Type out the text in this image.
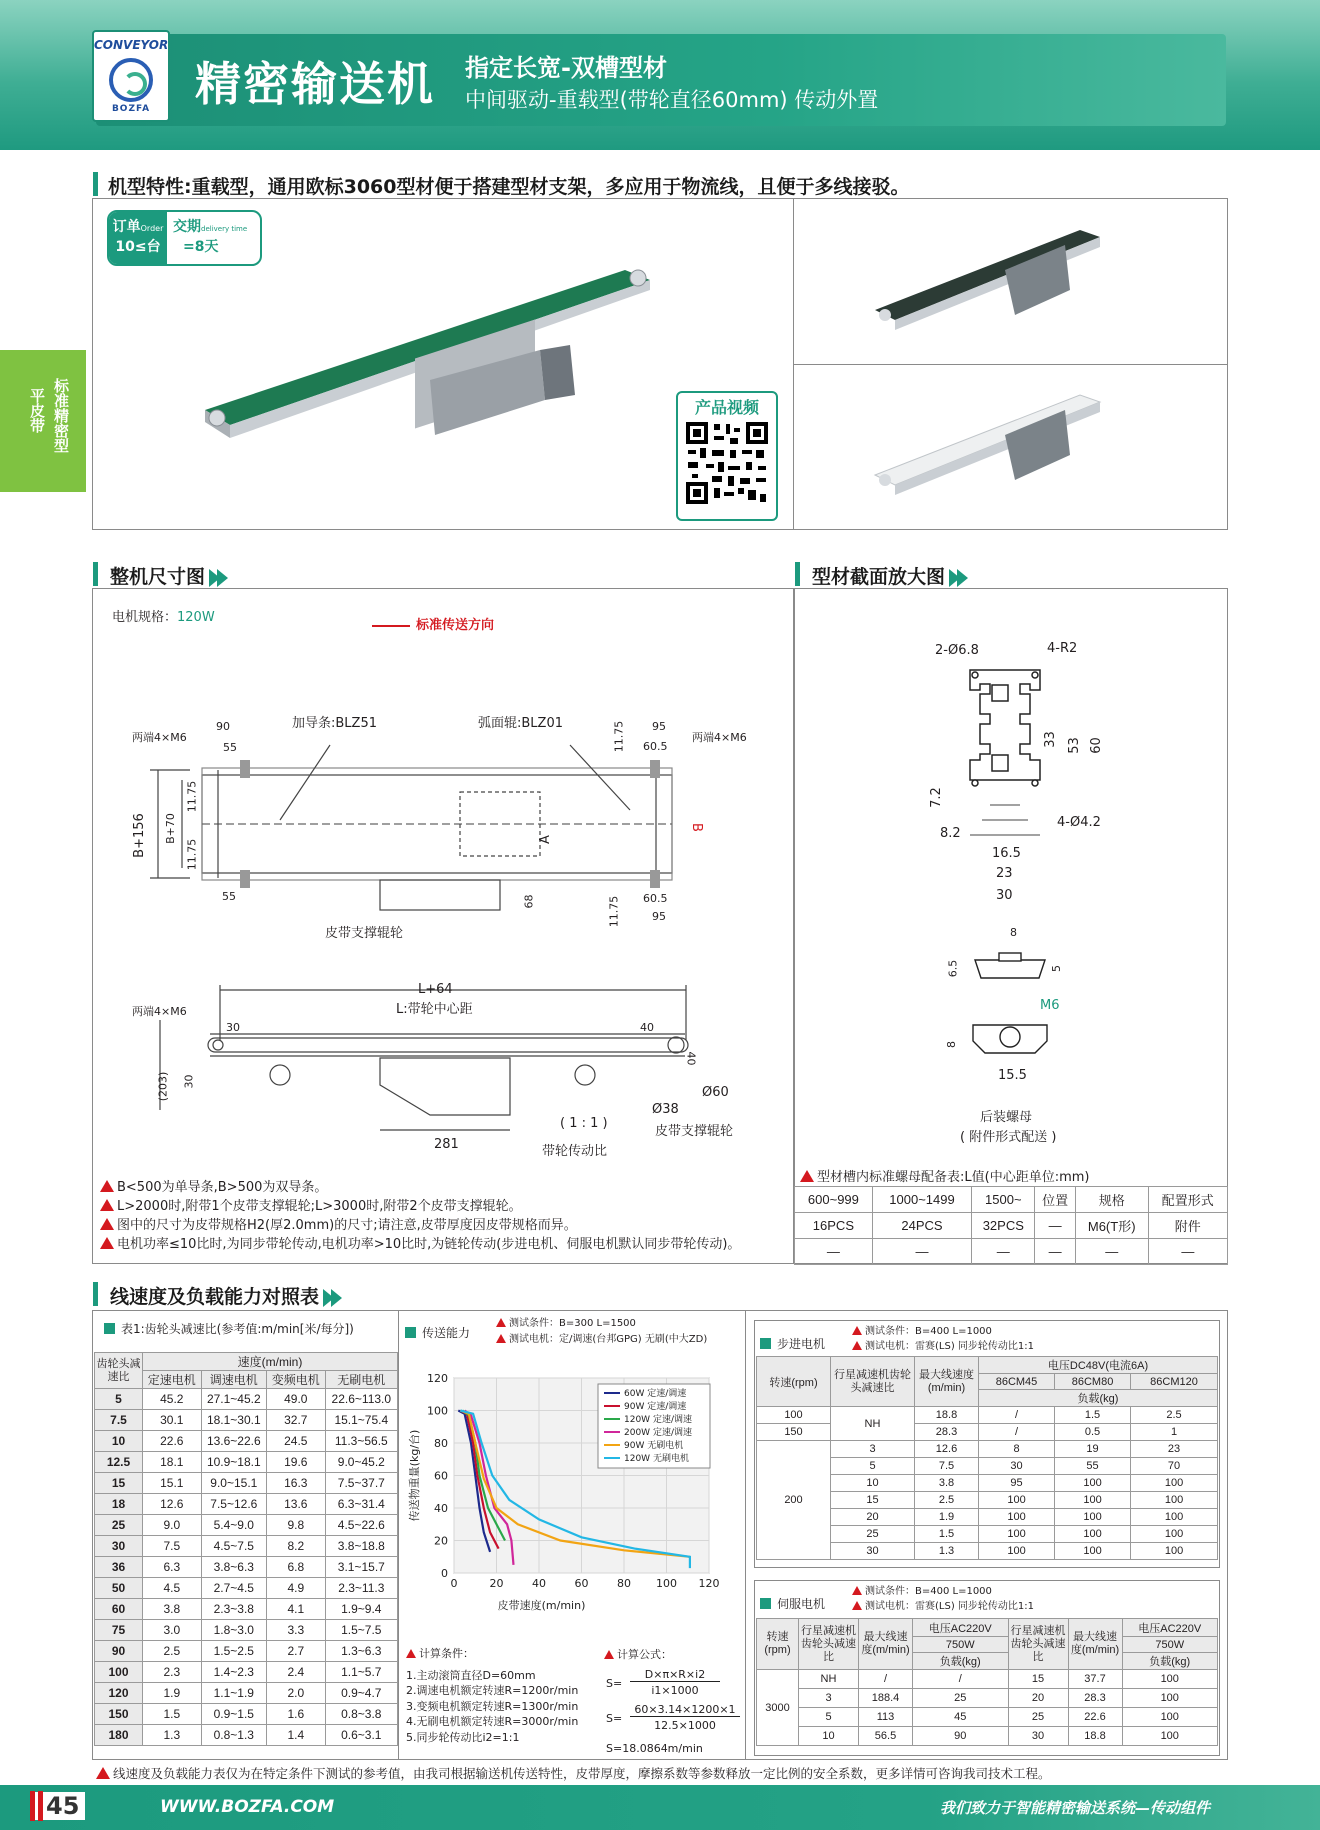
CONVEYOR
BOZFA 精密输送机 指定长宽-双槽型材
中间驱动-重载型(带轮直径60mm) 传动外置
标准精密型
平皮带
机型特性:重载型，通用欧标3060型材便于搭建型材支架，多应用于物流线，且便于多线接驳。
订单Order
10≤台
交期delivery time
=8天
产品视频
整机尺寸图	型材截面放大图
电机规格：120W
标准传送方向
两端4×M6
90
55
加导条:BLZ51	弧面辊:BLZ01	95
60.5
两端4×M6
11.75
11.75
11.75
B+70
B+156	A
B
55	68	11.75 60.5
95
皮带支撑辊轮
L+64
L:带轮中心距
两端4×M6
30	40
40
30
(203)	Ø60
Ø38
( 1 : 1 )
皮带支撑辊轮
281	带轮传动比
B<500为单导条,B>500为双导条。
L>2000时,附带1个皮带支撑辊轮;L>3000时,附带2个皮带支撑辊轮。
图中的尺寸为皮带规格H2(厚2.0mm)的尺寸;请注意,皮带厚度因皮带规格而异。
电机功率≤10比时,为同步带轮传动,电机功率>10比时,为链轮传动(步进电机、伺服电机默认同步带轮传动)。
2-Ø6.8	4-R2
33 53 60
7.2
8.2
4-Ø4.2
16.5
23
30
8
6.5	5
M6
8
15.5
后装螺母
( 附件形式配送 )
型材槽内标准螺母配备表:L值(中心距单位:mm)
600~999	1000~1499	1500~	位置	规格	配置形式
16PCS	24PCS	32PCS	—	M6(T形)	附件
—	—	—	—	—	—
线速度及负载能力对照表
表1:齿轮头减速比(参考值:m/min[米/每分])
齿轮头减速比	速度(m/min)			
	定速电机	调速电机	变频电机	无刷电机
5	45.2	27.1~45.2	49.0	22.6~113.0
7.5	30.1	18.1~30.1	32.7	15.1~75.4
10	22.6	13.6~22.6	24.5	11.3~56.5
12.5	18.1	10.9~18.1	19.6	9.0~45.2
15	15.1	9.0~15.1	16.3	7.5~37.7
18	12.6	7.5~12.6	13.6	6.3~31.4
25	9.0	5.4~9.0	9.8	4.5~22.6
30	7.5	4.5~7.5	8.2	3.8~18.8
36	6.3	3.8~6.3	6.8	3.1~15.7
50	4.5	2.7~4.5	4.9	2.3~11.3
60	3.8	2.3~3.8	4.1	1.9~9.4
75	3.0	1.8~3.0	3.3	1.5~7.5
90	2.5	1.5~2.5	2.7	1.3~6.3
100	2.3	1.4~2.3	2.4	1.1~5.7
120	1.9	1.1~1.9	2.0	0.9~4.7
150	1.5	0.9~1.5	1.6	0.8~3.8
180	1.3	0.8~1.3	1.4	0.6~3.1
传送能力
测试条件：B=300 L=1500
测试电机：定/调速(台邦GPG) 无刷(中大ZD)
0	20	40	60	80 100 120
0
20
40
60
80
100
120
皮带速度(m/min)
传送物重量(kg/台)
60W 定速/调速
90W 定速/调速
120W 定速/调速
200W 定速/调速
90W 无刷电机
120W 无刷电机
计算条件：
1.主动滚筒直径D=60mm
2.调速电机额定转速R=1200r/min
3.变频电机额定转速R=1300r/min
4.无刷电机额定转速R=3000r/min
5.同步轮传动比i2=1:1
计算公式：
S=
D×π×R×i2
i1×1000
S=
60×3.14×1200×1
12.5×1000
S=18.0864m/min
步进电机
测试条件：B=400 L=1000
测试电机：雷赛(LS) 同步轮传动比1:1
转速(rpm)	行星减速机齿轮头减速比	最大线速度(m/min)	电压DC48V(电流6A)		
			86CM45	86CM80	86CM120
			负载(kg)		
100	NH	18.8	/	1.5	2.5
150		28.3	/	0.5	1
200	3	12.6	8	19	23
	5	7.5	30	55	70
	10	3.8	95	100	100
	15	2.5	100	100	100
	20	1.9	100	100	100
	25	1.5	100	100	100
	30	1.3	100	100	100
伺服电机
测试条件：B=400 L=1000
测试电机：雷赛(LS) 同步轮传动比1:1
转速(rpm)	行星减速机齿轮头减速比	最大线速度(m/min)	电压AC220V	行星减速机齿轮头减速比	最大线速度(m/min)	电压AC220V
			750W			750W
			负载(kg)			负载(kg)
3000	NH	/	/	15	37.7	100
	3	188.4	25	20	28.3	100
	5	113	45	25	22.6	100
	10	56.5	90	30	18.8	100
线速度及负载能力表仅为在特定条件下测试的参考值，由我司根据输送机传送特性，皮带厚度，摩擦系数等参数释放一定比例的安全系数，更多详情可咨询我司技术工程。
45	WWW.BOZFA.COM	我们致力于智能精密输送系统—传动组件
